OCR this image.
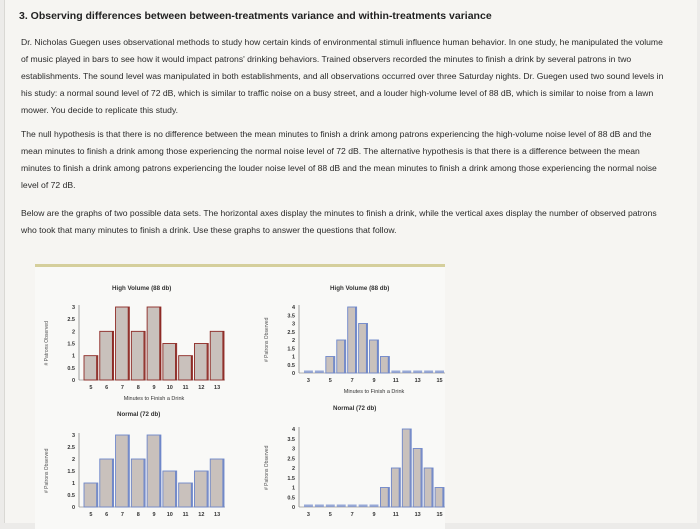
3. Observing differences between between-treatments variance and within-treatments variance
Dr. Nicholas Guegen uses observational methods to study how certain kinds of environmental stimuli influence human behavior. In one study, he manipulated the volume of music played in bars to see how it would impact patrons' drinking behaviors. Trained observers recorded the minutes to finish a drink by several patrons in two establishments. The sound level was manipulated in both establishments, and all observations occurred over three Saturday nights. Dr. Guegen used two sound levels in his study: a normal sound level of 72 dB, which is similar to traffic noise on a busy street, and a louder high-volume level of 88 dB, which is similar to noise from a lawn mower. You decide to replicate this study.
The null hypothesis is that there is no difference between the mean minutes to finish a drink among patrons experiencing the high-volume noise level of 88 dB and the mean minutes to finish a drink among those experiencing the normal noise level of 72 dB. The alternative hypothesis is that there is a difference between the mean minutes to finish a drink among patrons experiencing the louder noise level of 88 dB and the mean minutes to finish a drink among those experiencing the normal noise level of 72 dB.
Below are the graphs of two possible data sets. The horizontal axes display the minutes to finish a drink, while the vertical axes display the number of observed patrons who took that many minutes to finish a drink. Use these graphs to answer the questions that follow.
High Volume (88 db)
# Patrons Observed
0
0.5
1
1.5
2
2.5
3
5 6 7 8 9 10 11 12 13
Minutes to Finish a Drink
High Volume (88 db)
# Patrons Observed
0
0.5
1
1.5
2
2.5
3
3.5
4
3	5	7	9	11	13	15
Minutes to Finish a Drink
Normal (72 db)
# Patrons Observed
0
0.5
1
1.5
2
2.5
3
5 6 7 8 9 10 11 12 13
Normal (72 db)
# Patrons Observed
0
0.5
1
1.5
2
2.5
3
3.5
4
3	5	7	9	11	13	15
